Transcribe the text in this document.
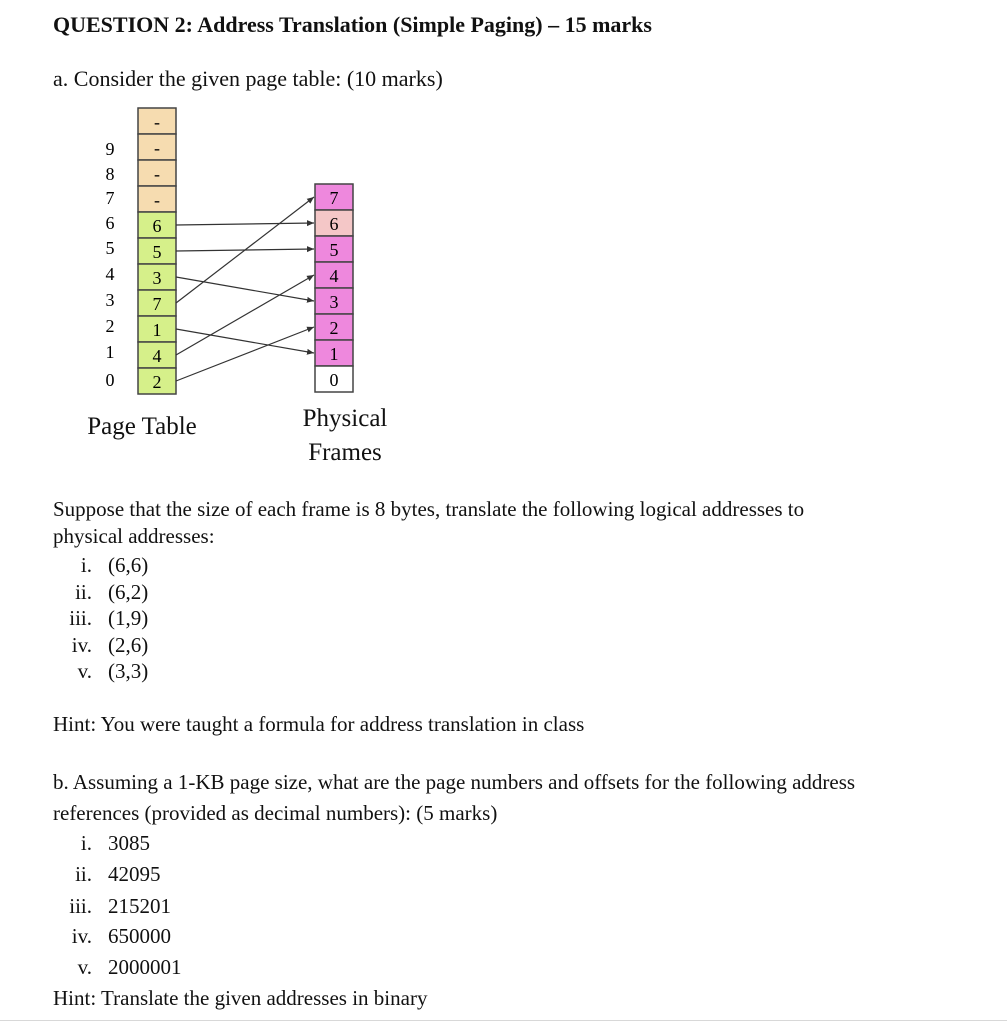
QUESTION 2: Address Translation (Simple Paging) – 15 marks
a. Consider the given page table: (10 marks)
-
9 -
8 -
7 -
6 6
5 5
4 3
3 7
2 1
1 4
0 2
7
6
5
4
3
2
1
0
Page Table	Physical
Frames
Suppose that the size of each frame is 8 bytes, translate the following logical addresses to
physical addresses:
i. (6,6)
ii. (6,2)
iii. (1,9)
iv. (2,6)
v. (3,3)
Hint: You were taught a formula for address translation in class
b. Assuming a 1-KB page size, what are the page numbers and offsets for the following address
references (provided as decimal numbers): (5 marks)
i. 3085
ii. 42095
iii. 215201
iv. 650000
v. 2000001
Hint: Translate the given addresses in binary
